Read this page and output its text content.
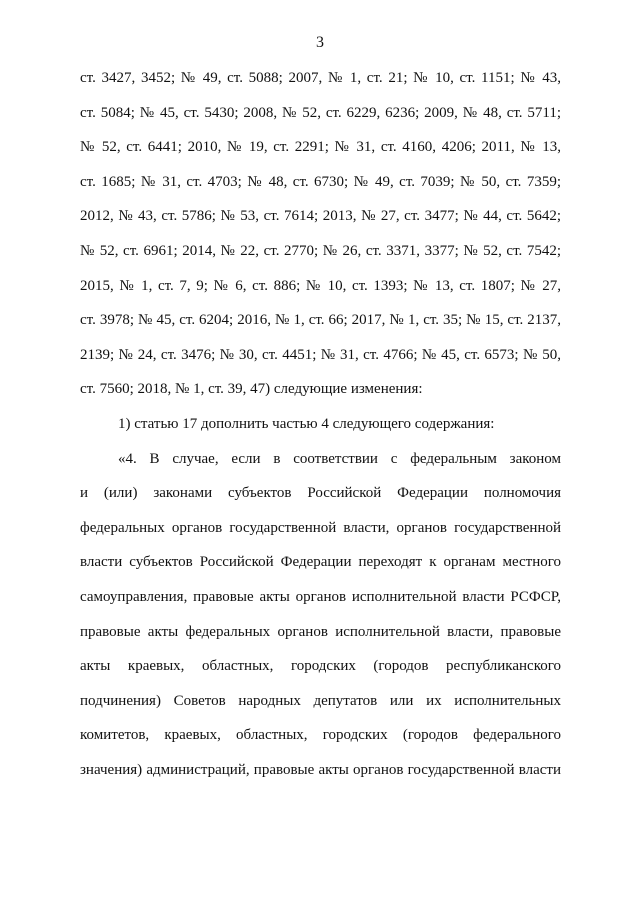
3
ст. 3427, 3452; № 49, ст. 5088; 2007, № 1, ст. 21; № 10, ст. 1151; № 43,
ст. 5084; № 45, ст. 5430; 2008, № 52, ст. 6229, 6236; 2009, № 48, ст. 5711;
№ 52, ст. 6441; 2010, № 19, ст. 2291; № 31, ст. 4160, 4206; 2011, № 13,
ст. 1685; № 31, ст. 4703; № 48, ст. 6730; № 49, ст. 7039; № 50, ст. 7359;
2012, № 43, ст. 5786; № 53, ст. 7614; 2013, № 27, ст. 3477; № 44, ст. 5642;
№ 52, ст. 6961; 2014, № 22, ст. 2770; № 26, ст. 3371, 3377; № 52, ст. 7542;
2015, № 1, ст. 7, 9; № 6, ст. 886; № 10, ст. 1393; № 13, ст. 1807; № 27,
ст. 3978; № 45, ст. 6204; 2016, № 1, ст. 66; 2017, № 1, ст. 35; № 15, ст. 2137,
2139; № 24, ст. 3476; № 30, ст. 4451; № 31, ст. 4766; № 45, ст. 6573; № 50,
ст. 7560; 2018, № 1, ст. 39, 47) следующие изменения:
1) статью 17 дополнить частью 4 следующего содержания:
«4. В случае, если в соответствии с федеральным законом
и (или) законами субъектов Российской Федерации полномочия
федеральных органов государственной власти, органов государственной
власти субъектов Российской Федерации переходят к органам местного
самоуправления, правовые акты органов исполнительной власти РСФСР,
правовые акты федеральных органов исполнительной власти, правовые
акты краевых, областных, городских (городов республиканского
подчинения) Советов народных депутатов или их исполнительных
комитетов, краевых, областных, городских (городов федерального
значения) администраций, правовые акты органов государственной власти
